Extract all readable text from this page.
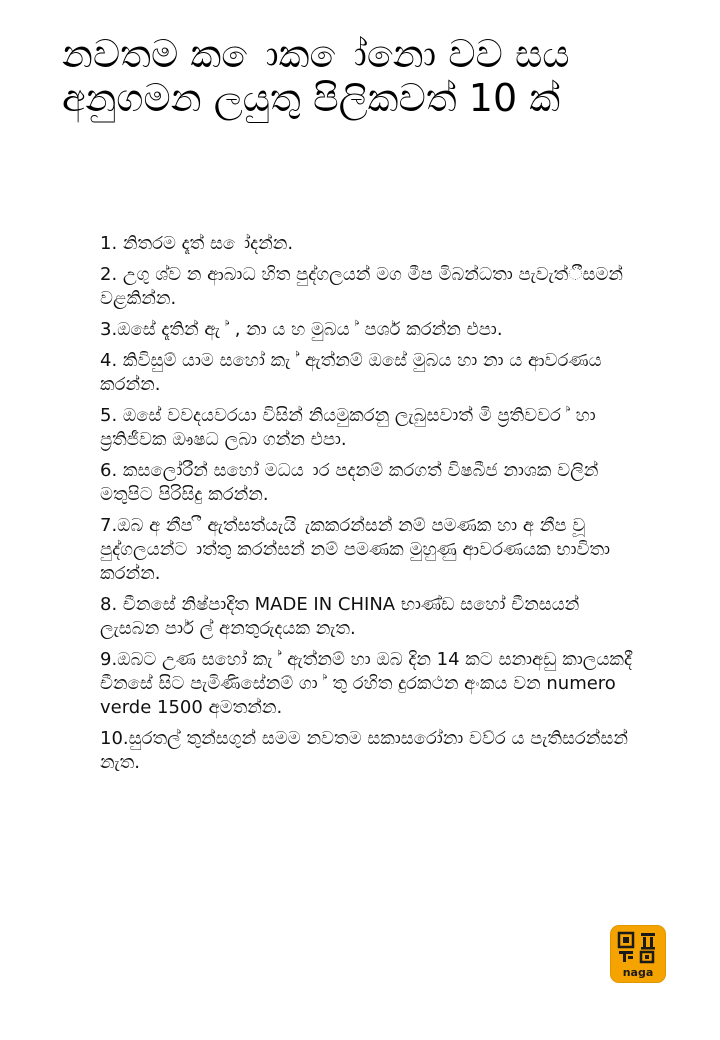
නවතම ක ොක ෝනො වව සය අනුගමන ලයුතු පිලිකවත් 10 ක්
1. නිතරම දෑත් ස ෝදන්න.
2. උගු ශ්ව න ආබාධ හිත පුද්ගලයන් මග මීප මිබන්ධතා පැවැත්ීසමන් වළකින්න.
3.ඔසේ දෑතින් ඇ ් , නා ය හ මුබය ් පර්ශ කරන්න එපා.
4. කිවිසුම් යාම සහෝ කැ ් ඇත්නම් ඔසේ මුබය හා නා ය ආවරණය කරන්න.
5. ඔසේ වවදයවරයා විසින් නියමුකරනු ලැබුසවාත් මි ප්‍රතිවවර ් හා ප්‍රතිජීවක ඖෂධ ලබා ගන්න එපා.
6. කසලෝරීන් සහෝ මධය ාර පදනම් කරගත් විෂබීජ නාශක වලින් මතුපිට පිරිසිදු කරන්න.
7.ඔබ අ නීප ී ඇත්සත්යැයි ැකකරන්සන් නම් පමණක හා අ නීප වූ පුද්ගලයන්ට ාත්තු කරන්සන් නම් පමණක මුහුණු ආවරණයක භාවිතා කරන්න.
8. චීනසේ නිෂ්පාදිත MADE IN CHINA භාණ්ඩ සහෝ චීනසයන් ලැසබන පාර් ල් අනතුරුදයක නැත.
9.ඔබට උණ සහෝ කැ ් ඇත්නම් හා ඔබ දින 14 කට සනාඅඩු කාලයකදී චීනසේ සිට පැමිණිසේනම් ගා ් තු රහිත දුරකථන අංකය වන numero verde 1500 අමතන්න.
10.සුරතල් තුන්සගුන් සමම නවතම සකාසරෝනා වව්ර ය පැතිසරන්සන් නැත.
naga
